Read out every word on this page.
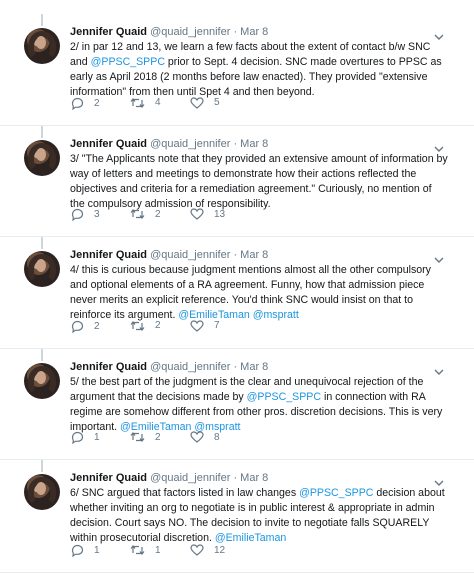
Jennifer Quaid @quaid_jennifer · Mar 8
2/ in par 12 and 13, we learn a few facts about the extent of contact b/w SNC and @PPSC_SPPC prior to Sept. 4 decision. SNC made overtures to PPSC as early as April 2018 (2 months before law enacted). They provided "extensive information" from then until Spet 4 and then beyond.
2	4	5
Jennifer Quaid @quaid_jennifer · Mar 8
3/ "The Applicants note that they provided an extensive amount of information by way of letters and meetings to demonstrate how their actions reflected the objectives and criteria for a remediation agreement." Curiously, no mention of the compulsory admission of responsibility.
3	2	13
Jennifer Quaid @quaid_jennifer · Mar 8
4/ this is curious because judgment mentions almost all the other compulsory and optional elements of a RA agreement. Funny, how that admission piece never merits an explicit reference. You'd think SNC would insist on that to reinforce its argument. @EmilieTaman @mspratt
2	2	7
Jennifer Quaid @quaid_jennifer · Mar 8
5/ the best part of the judgment is the clear and unequivocal rejection of the argument that the decisions made by @PPSC_SPPC in connection with RA regime are somehow different from other pros. discretion decisions. This is very important. @EmilieTaman @mspratt
1	2	8
Jennifer Quaid @quaid_jennifer · Mar 8
6/ SNC argued that factors listed in law changes @PPSC_SPPC decision about whether inviting an org to negotiate is in public interest & appropriate in admin decision. Court says NO. The decision to invite to negotiate falls SQUARELY within prosecutorial discretion. @EmilieTaman
1	1	12
